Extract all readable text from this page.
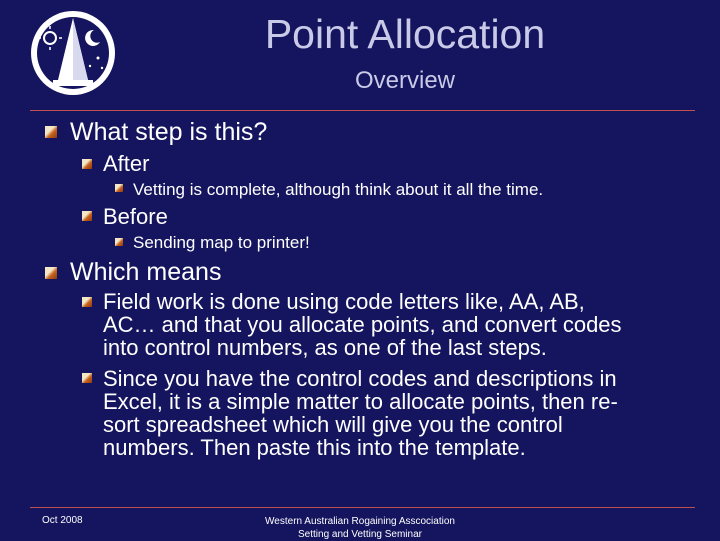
Point Allocation
Overview
What step is this?
After
Vetting is complete, although think about it all the time.
Before
Sending map to printer!
Which means
Field work is done using code letters like, AA, AB,
AC… and that you allocate points, and convert codes
into control numbers, as one of the last steps.
Since you have the control codes and descriptions in
Excel, it is a simple matter to allocate points, then re-
sort spreadsheet which will give you the control
numbers. Then paste this into the template.
Oct 2008	Western Australian Rogaining Asscociation
Setting and Vetting Seminar
